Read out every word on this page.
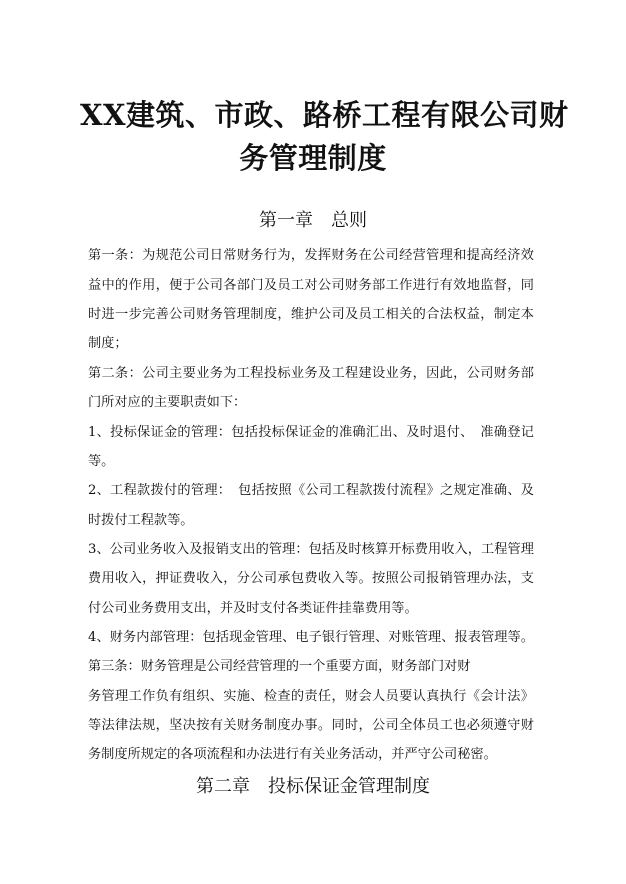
XX建筑、市政、路桥工程有限公司财
务管理制度
第一章　总则
第一条：为规范公司日常财务行为，发挥财务在公司经营管理和提高经济效
益中的作用，便于公司各部门及员工对公司财务部工作进行有效地监督，同
时进一步完善公司财务管理制度，维护公司及员工相关的合法权益，制定本
制度；
第二条：公司主要业务为工程投标业务及工程建设业务，因此，公司财务部
门所对应的主要职责如下：
1、投标保证金的管理：包括投标保证金的准确汇出、及时退付、　准确登记
等。
2、工程款拨付的管理：　包括按照《公司工程款拨付流程》之规定准确、及
时拨付工程款等。
3、公司业务收入及报销支出的管理：包括及时核算开标费用收入，工程管理
费用收入，押证费收入，分公司承包费收入等。按照公司报销管理办法，支
付公司业务费用支出，并及时支付各类证件挂靠费用等。
4、财务内部管理：包括现金管理、电子银行管理、对账管理、报表管理等。
第三条：财务管理是公司经营管理的一个重要方面，财务部门对财
务管理工作负有组织、实施、检查的责任，财会人员要认真执行《会计法》
等法律法规，坚决按有关财务制度办事。同时，公司全体员工也必须遵守财
务制度所规定的各项流程和办法进行有关业务活动，并严守公司秘密。
第二章　投标保证金管理制度
